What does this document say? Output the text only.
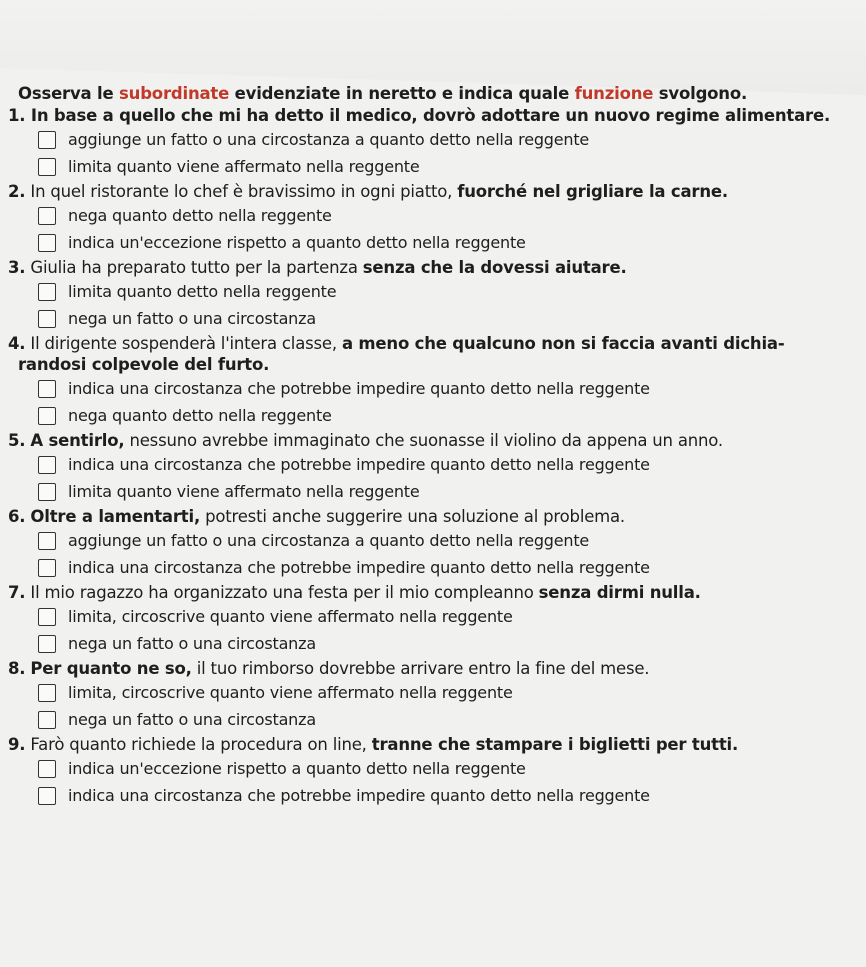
Osserva le subordinate evidenziate in neretto e indica quale funzione svolgono.

1. In base a quello che mi ha detto il medico, dovrò adottare un nuovo regime alimentare.

aggiunge un fatto o una circostanza a quanto detto nella reggente
limita quanto viene affermato nella reggente

2. In quel ristorante lo chef è bravissimo in ogni piatto, fuorché nel grigliare la carne.

nega quanto detto nella reggente
indica un'eccezione rispetto a quanto detto nella reggente

3. Giulia ha preparato tutto per la partenza senza che la dovessi aiutare.

limita quanto detto nella reggente
nega un fatto o una circostanza

4. Il dirigente sospenderà l'intera classe, a meno che qualcuno non si faccia avanti dichia-

randosi colpevole del furto.

indica una circostanza che potrebbe impedire quanto detto nella reggente
nega quanto detto nella reggente

5. A sentirlo, nessuno avrebbe immaginato che suonasse il violino da appena un anno.

indica una circostanza che potrebbe impedire quanto detto nella reggente
limita quanto viene affermato nella reggente

6. Oltre a lamentarti, potresti anche suggerire una soluzione al problema.

aggiunge un fatto o una circostanza a quanto detto nella reggente
indica una circostanza che potrebbe impedire quanto detto nella reggente

7. Il mio ragazzo ha organizzato una festa per il mio compleanno senza dirmi nulla.

limita, circoscrive quanto viene affermato nella reggente
nega un fatto o una circostanza

8. Per quanto ne so, il tuo rimborso dovrebbe arrivare entro la fine del mese.

limita, circoscrive quanto viene affermato nella reggente
nega un fatto o una circostanza

9. Farò quanto richiede la procedura on line, tranne che stampare i biglietti per tutti.

indica un'eccezione rispetto a quanto detto nella reggente
indica una circostanza che potrebbe impedire quanto detto nella reggente
